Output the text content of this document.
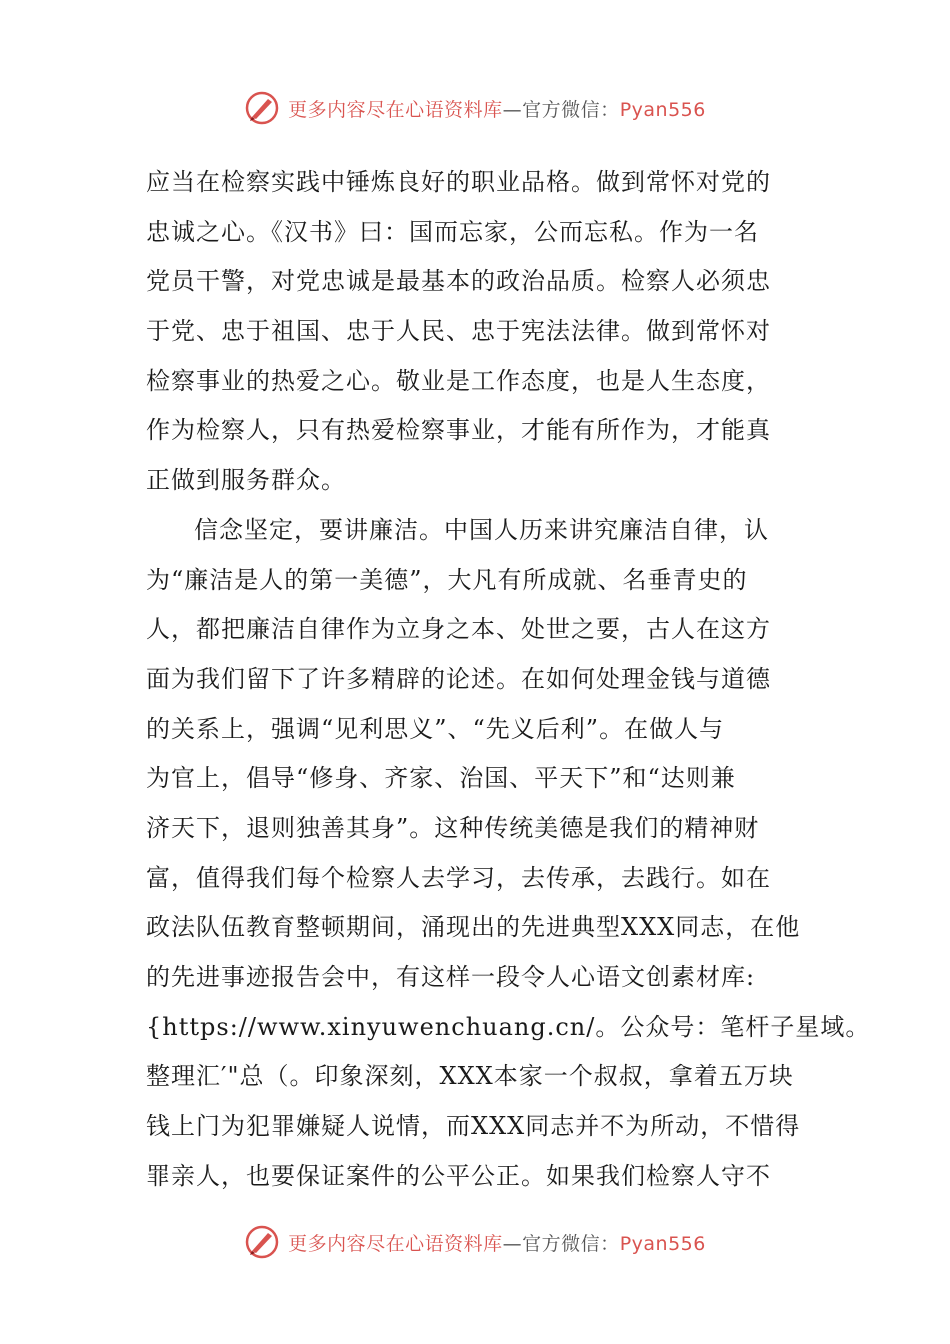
更多内容尽在心语资料库—官方微信：Pyan556
应当在检察实践中锤炼良好的职业品格。做到常怀对党的
忠诚之心。《汉书》曰：国而忘家，公而忘私。作为一名
党员干警，对党忠诚是最基本的政治品质。检察人必须忠
于党、忠于祖国、忠于人民、忠于宪法法律。做到常怀对
检察事业的热爱之心。敬业是工作态度，也是人生态度，
作为检察人，只有热爱检察事业，才能有所作为，才能真
正做到服务群众。
信念坚定，要讲廉洁。中国人历来讲究廉洁自律，认
为“廉洁是人的第一美德”，大凡有所成就、名垂青史的
人，都把廉洁自律作为立身之本、处世之要，古人在这方
面为我们留下了许多精辟的论述。在如何处理金钱与道德
的关系上，强调“见利思义”、“先义后利”。在做人与
为官上，倡导“修身、齐家、治国、平天下”和“达则兼
济天下，退则独善其身”。这种传统美德是我们的精神财
富，值得我们每个检察人去学习，去传承，去践行。如在
政法队伍教育整顿期间，涌现出的先进典型XXX同志，在他
的先进事迹报告会中，有这样一段令人心语文创素材库:
{https://www.xinyuwenchuang.cn/。公众号：笔杆子星域。
整理汇′"总（。印象深刻，XXX本家一个叔叔，拿着五万块
钱上门为犯罪嫌疑人说情，而XXX同志并不为所动，不惜得
罪亲人，也要保证案件的公平公正。如果我们检察人守不
更多内容尽在心语资料库—官方微信：Pyan556
